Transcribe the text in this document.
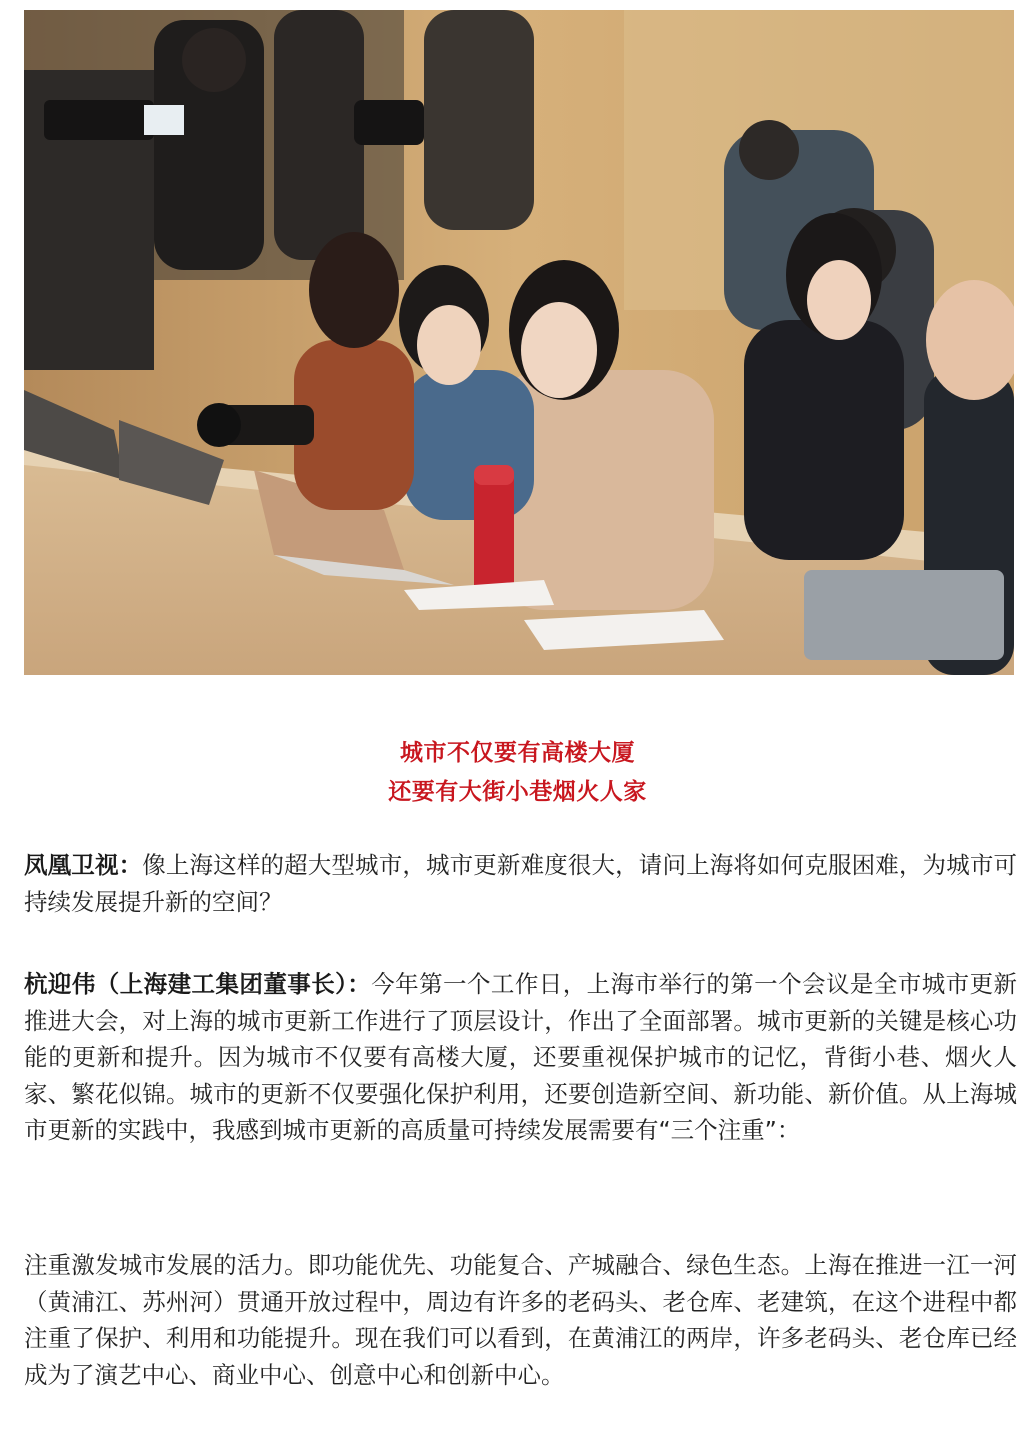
城市不仅要有高楼大厦
还要有大街小巷烟火人家

凤凰卫视：像上海这样的超大型城市，城市更新难度很大，请问上海将如何克服困难，为城市可持续发展提升新的空间？

杭迎伟（上海建工集团董事长）：今年第一个工作日，上海市举行的第一个会议是全市城市更新推进大会，对上海的城市更新工作进行了顶层设计，作出了全面部署。城市更新的关键是核心功能的更新和提升。因为城市不仅要有高楼大厦，还要重视保护城市的记忆，背街小巷、烟火人家、繁花似锦。城市的更新不仅要强化保护利用，还要创造新空间、新功能、新价值。从上海城市更新的实践中，我感到城市更新的高质量可持续发展需要有“三个注重”：

注重激发城市发展的活力。即功能优先、功能复合、产城融合、绿色生态。上海在推进一江一河（黄浦江、苏州河）贯通开放过程中，周边有许多的老码头、老仓库、老建筑，在这个进程中都注重了保护、利用和功能提升。现在我们可以看到，在黄浦江的两岸，许多老码头、老仓库已经成为了演艺中心、商业中心、创意中心和创新中心。
